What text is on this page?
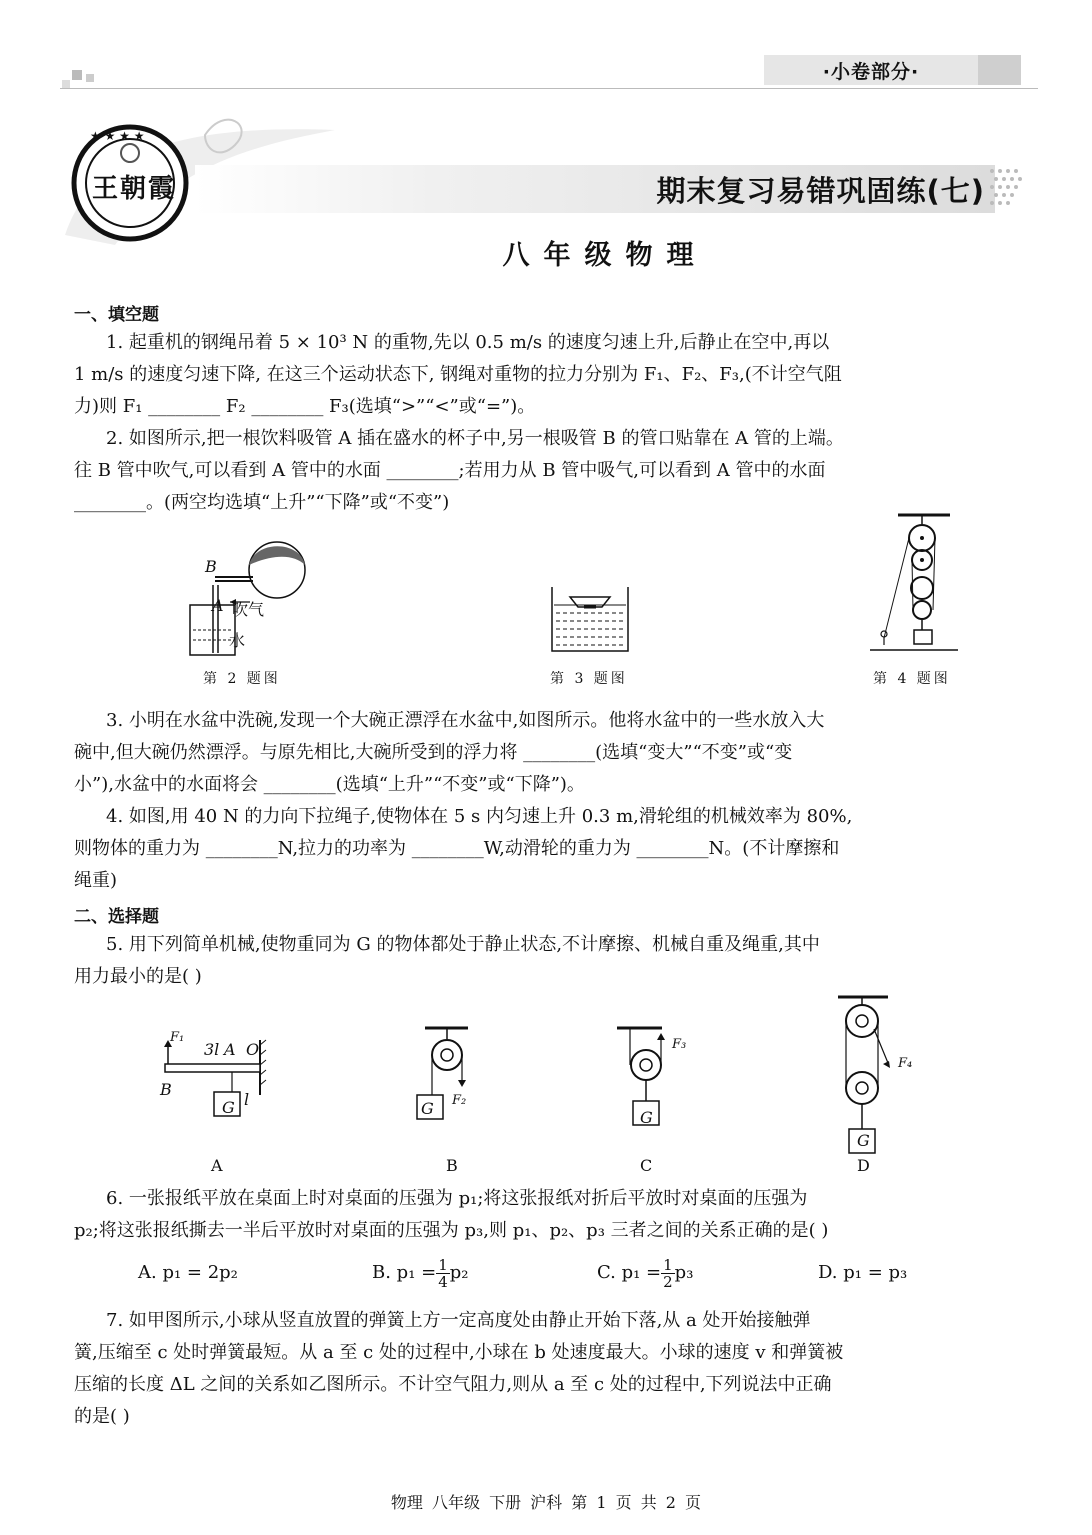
·小卷部分·
★ ★ ★ ★
王朝霞	期末复习易错巩固练(七)
八年级物理
一、填空题
1. 起重机的钢绳吊着 5 × 10³ N 的重物,先以 0.5 m/s 的速度匀速上升,后静止在空中,再以
1 m/s 的速度匀速下降, 在这三个运动状态下, 钢绳对重物的拉力分别为 F₁、F₂、F₃,(不计空气阻
力)则 F₁ ________ F₂ ________ F₃(选填“>”“<”或“=”)。
2. 如图所示,把一根饮料吸管 A 插在盛水的杯子中,另一根吸管 B 的管口贴靠在 A 管的上端。
往 B 管中吹气,可以看到 A 管中的水面 ________;若用力从 B 管中吸气,可以看到 A 管中的水面
________。(两空均选填“上升”“下降”或“不变”)
B
A 吹气
水
第 2 题图	第 3 题图	第 4 题图
3. 小明在水盆中洗碗,发现一个大碗正漂浮在水盆中,如图所示。他将水盆中的一些水放入大
碗中,但大碗仍然漂浮。与原先相比,大碗所受到的浮力将 ________(选填“变大”“不变”或“变
小”),水盆中的水面将会 ________(选填“上升”“不变”或“下降”)。
4. 如图,用 40 N 的力向下拉绳子,使物体在 5 s 内匀速上升 0.3 m,滑轮组的机械效率为 80%,
则物体的重力为 ________N,拉力的功率为 ________W,动滑轮的重力为 ________N。(不计摩擦和
绳重)
二、选择题
5. 用下列简单机械,使物重同为 G 的物体都处于静止状态,不计摩擦、机械自重及绳重,其中
用力最小的是( )
F₁
3l A O
B
G l
A
G F₂
B
G
F₃
C
G
F₄
D
6. 一张报纸平放在桌面上时对桌面的压强为 p₁;将这张报纸对折后平放时对桌面的压强为
p₂;将这张报纸撕去一半后平放时对桌面的压强为 p₃,则 p₁、p₂、p₃ 三者之间的关系正确的是( )
A. p₁ = 2p₂	B. $p_1 = \frac{1}{4} p_2$	C. $p_1 = \frac{1}{2} p_3$	D. p₁ = p₃
7. 如甲图所示,小球从竖直放置的弹簧上方一定高度处由静止开始下落,从 a 处开始接触弹
簧,压缩至 c 处时弹簧最短。从 a 至 c 处的过程中,小球在 b 处速度最大。小球的速度 v 和弹簧被
压缩的长度 ΔL 之间的关系如乙图所示。不计空气阻力,则从 a 至 c 处的过程中,下列说法中正确
的是( )
物理 八年级 下册 沪科 第 1 页 共 2 页
